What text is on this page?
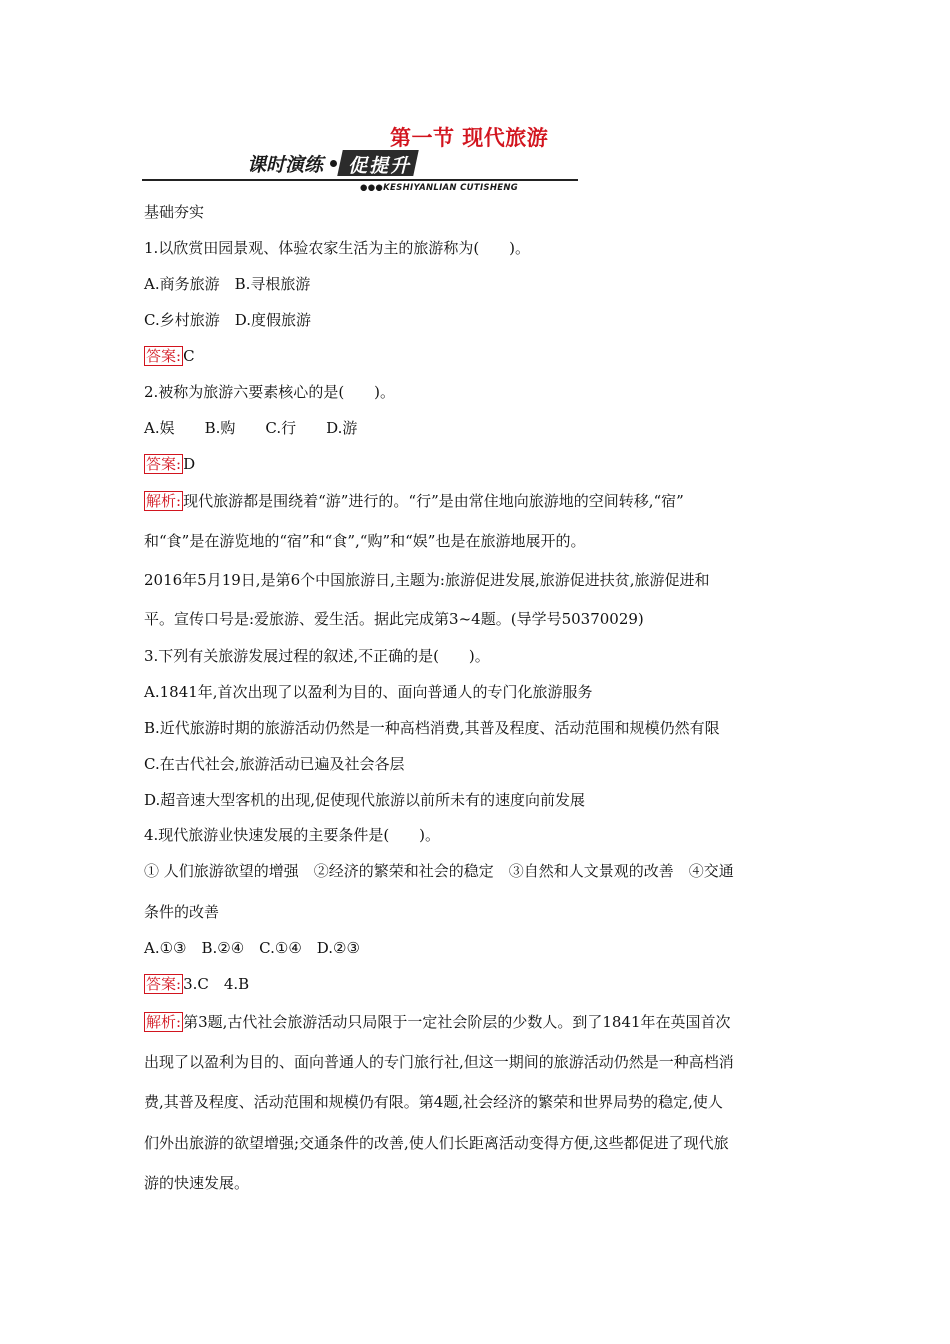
第一节 现代旅游
课时演练 促提升
●●●KESHIYANLIAN CUTISHENG
基础夯实
1.以欣赏田园景观、体验农家生活为主的旅游称为(　　)。
A.商务旅游　B.寻根旅游
C.乡村旅游　D.度假旅游
答案: C
2.被称为旅游六要素核心的是(　　)。
A.娱　　B.购　　C.行　　D.游
答案: D
解析: 现代旅游都是围绕着“游”进行的。“行”是由常住地向旅游地的空间转移,“宿”
和“食”是在游览地的“宿”和“食”,“购”和“娱”也是在旅游地展开的。
2016年5月19日,是第6个中国旅游日,主题为:旅游促进发展,旅游促进扶贫,旅游促进和
平。宣传口号是:爱旅游、爱生活。据此完成第3~4题。(导学号50370029)
3.下列有关旅游发展过程的叙述,不正确的是(　　)。
A.1841年,首次出现了以盈利为目的、面向普通人的专门化旅游服务
B.近代旅游时期的旅游活动仍然是一种高档消费,其普及程度、活动范围和规模仍然有限
C.在古代社会,旅游活动已遍及社会各层
D.超音速大型客机的出现,促使现代旅游以前所未有的速度向前发展
4.现代旅游业快速发展的主要条件是(　　)。
① 人们旅游欲望的增强　②经济的繁荣和社会的稳定　③自然和人文景观的改善　④交通
条件的改善
A.①③　B.②④　C.①④　D.②③
答案: 3.C　4.B
解析: 第3题,古代社会旅游活动只局限于一定社会阶层的少数人。到了1841年在英国首次
出现了以盈利为目的、面向普通人的专门旅行社,但这一期间的旅游活动仍然是一种高档消
费,其普及程度、活动范围和规模仍有限。第4题,社会经济的繁荣和世界局势的稳定,使人
们外出旅游的欲望增强;交通条件的改善,使人们长距离活动变得方便,这些都促进了现代旅
游的快速发展。
